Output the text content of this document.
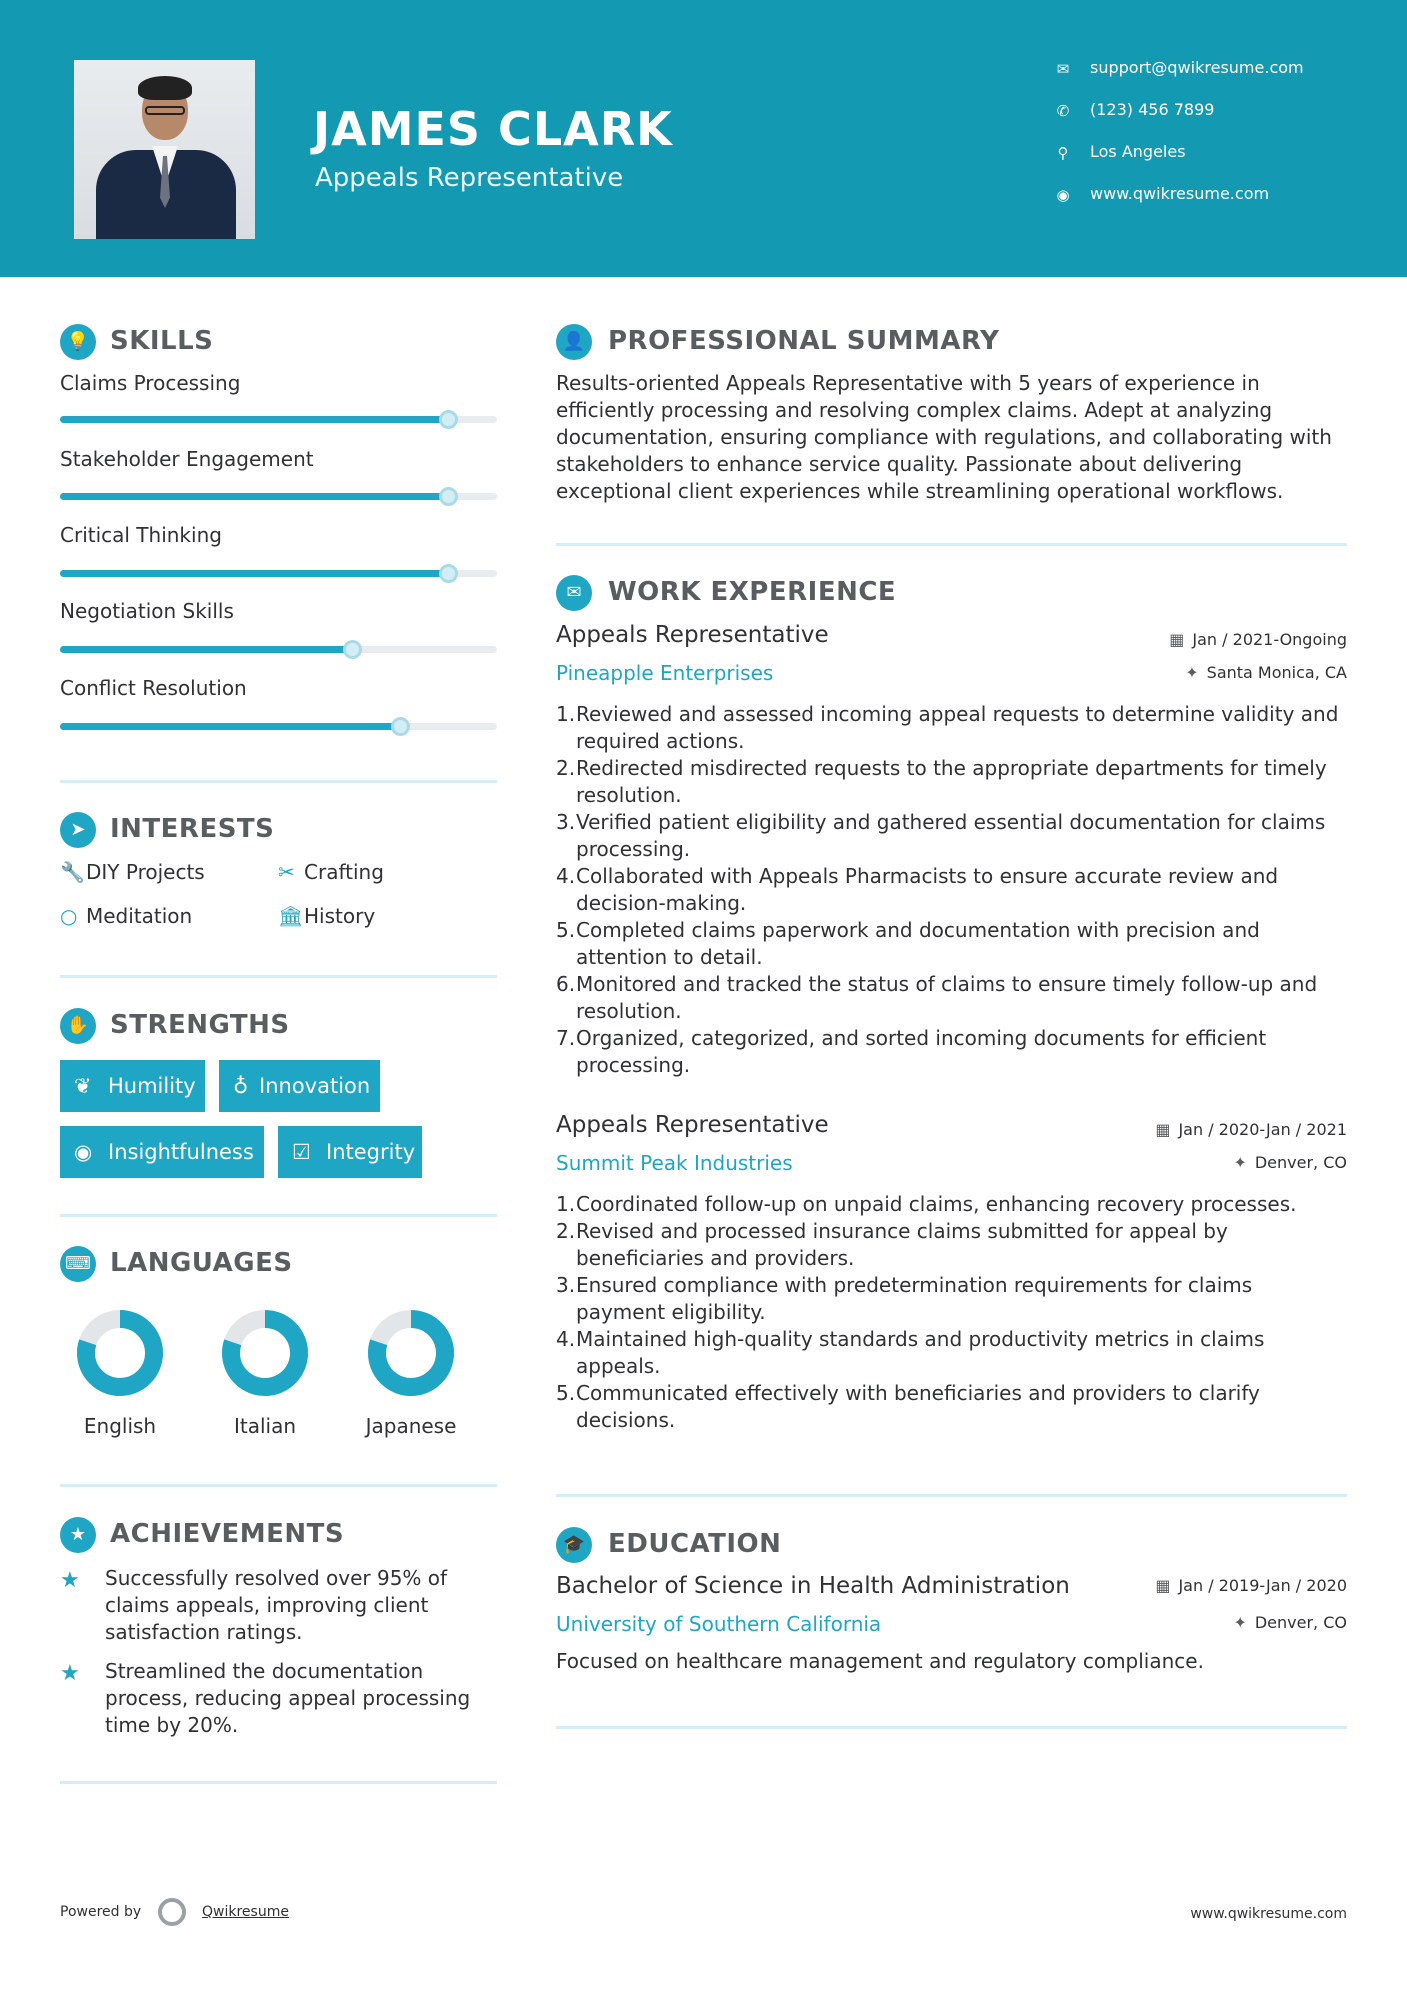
JAMES CLARK
Appeals Representative
✉ support@qwikresume.com
✆ (123) 456 7899
⚲ Los Angeles
◉ www.qwikresume.com
💡 SKILLS
Claims Processing
Stakeholder Engagement
Critical Thinking
Negotiation Skills
Conflict Resolution
➤ INTERESTS
🔧DIY Projects	✂ Crafting
○ Meditation	🏛History
✋ STRENGTHS
❦ Humility	♁ Innovation
◉ Insightfulness	☑ Integrity
⌨ LANGUAGES
English	Italian	Japanese
★ ACHIEVEMENTS
★ Successfully resolved over 95% of claims appeals, improving client satisfaction ratings.
★ Streamlined the documentation process, reducing appeal processing time by 20%.
👤 PROFESSIONAL SUMMARY
Results-oriented Appeals Representative with 5 years of experience in efficiently processing and resolving complex claims. Adept at analyzing documentation, ensuring compliance with regulations, and collaborating with stakeholders to enhance service quality. Passionate about delivering exceptional client experiences while streamlining operational workflows.
✉	WORK EXPERIENCE
Appeals Representative	▦ Jan / 2021-Ongoing
Pineapple Enterprises	✦ Santa Monica, CA
1. Reviewed and assessed incoming appeal requests to determine validity and required actions.
2. Redirected misdirected requests to the appropriate departments for timely resolution.
3. Verified patient eligibility and gathered essential documentation for claims processing.
4. Collaborated with Appeals Pharmacists to ensure accurate review and decision-making.
5. Completed claims paperwork and documentation with precision and attention to detail.
6. Monitored and tracked the status of claims to ensure timely follow-up and resolution.
7. Organized, categorized, and sorted incoming documents for efficient processing.
Appeals Representative	▦ Jan / 2020-Jan / 2021
Summit Peak Industries	✦ Denver, CO
1. Coordinated follow-up on unpaid claims, enhancing recovery processes.
2. Revised and processed insurance claims submitted for appeal by beneficiaries and providers.
3. Ensured compliance with predetermination requirements for claims payment eligibility.
4. Maintained high-quality standards and productivity metrics in claims appeals.
5. Communicated effectively with beneficiaries and providers to clarify decisions.
🎓 EDUCATION
Bachelor of Science in Health Administration	▦ Jan / 2019-Jan / 2020
University of Southern California	✦ Denver, CO
Focused on healthcare management and regulatory compliance.
Powered by	Qwikresume	www.qwikresume.com
